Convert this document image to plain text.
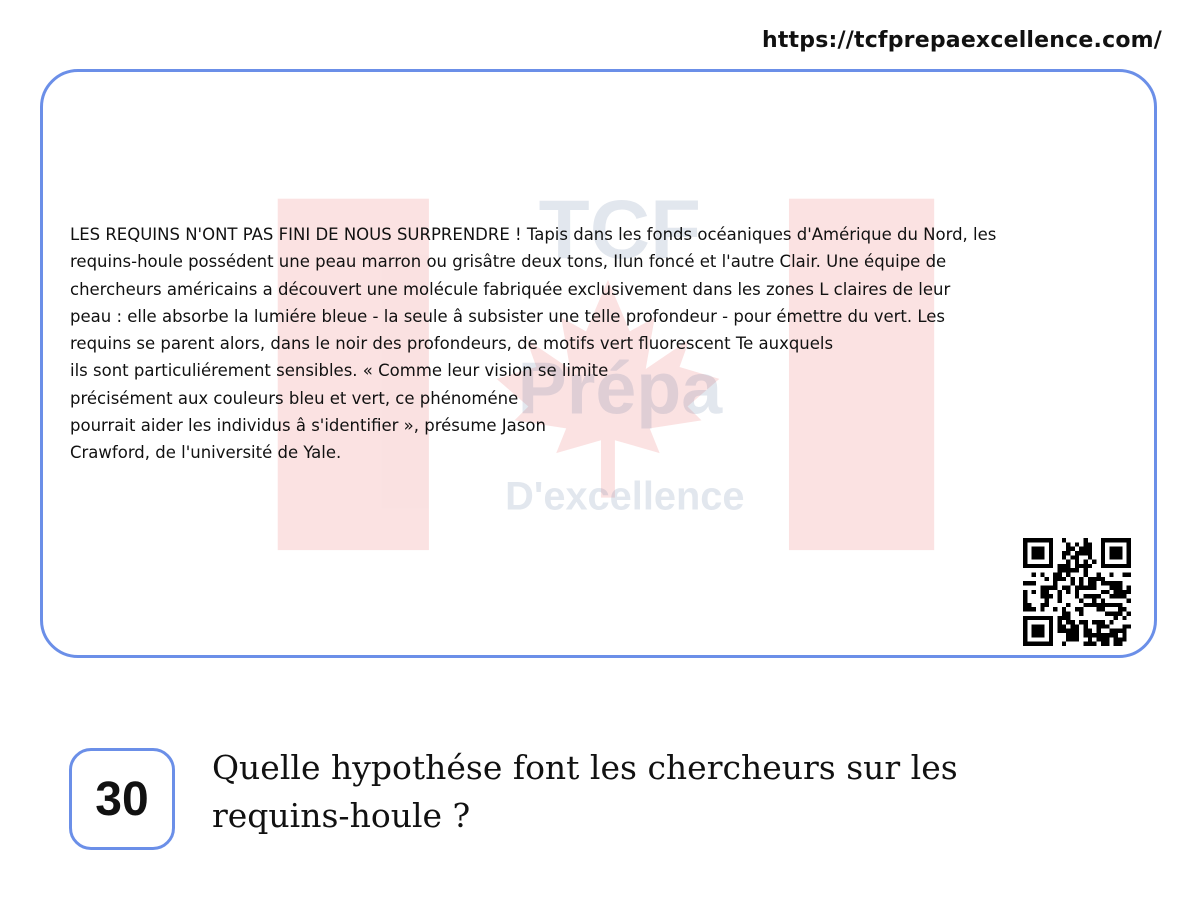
https://tcfprepaexcellence.com/
TCF
Prépa
D'excellence
LES REQUINS N'ONT PAS FINI DE NOUS SURPRENDRE ! Tapis dans les fonds océaniques d'Amérique du Nord, les
requins-houle possédent une peau marron ou grisâtre deux tons, Ilun foncé et l'autre Clair. Une équipe de
chercheurs américains a découvert une molécule fabriquée exclusivement dans les zones L claires de leur
peau : elle absorbe la lumiére bleue - la seule â subsister une telle profondeur - pour émettre du vert. Les
requins se parent alors, dans le noir des profondeurs, de motifs vert fluorescent Te auxquels
ils sont particuliérement sensibles. « Comme leur vision se limite
précisément aux couleurs bleu et vert, ce phénoméne
pourrait aider les individus â s'identifier », présume Jason
Crawford, de l'université de Yale.
30
Quelle hypothése font les chercheurs sur les
requins-houle ?
